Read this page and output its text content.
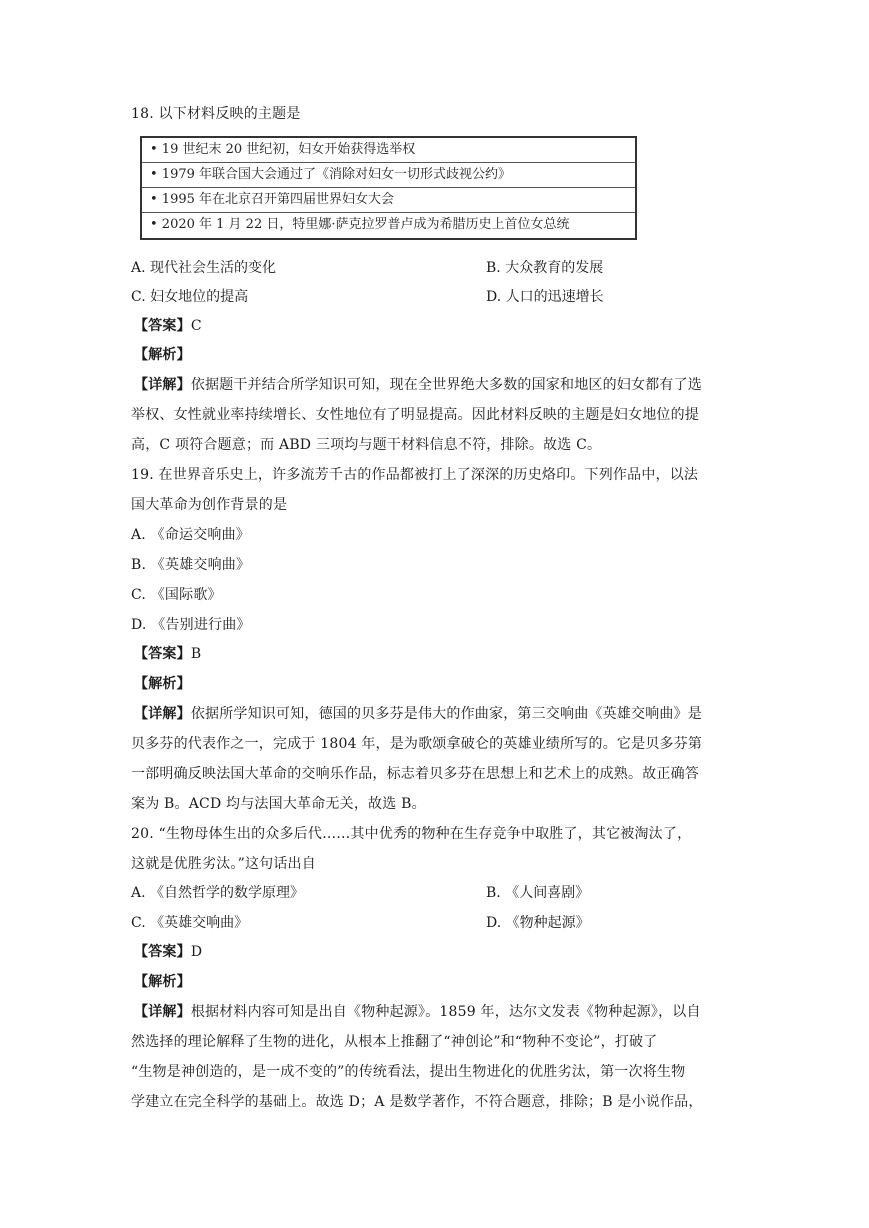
18. 以下材料反映的主题是
• 19 世纪末 20 世纪初，妇女开始获得选举权
• 1979 年联合国大会通过了《消除对妇女一切形式歧视公约》
• 1995 年在北京召开第四届世界妇女大会
• 2020 年 1 月 22 日，特里娜·萨克拉罗普卢成为希腊历史上首位女总统
A. 现代社会生活的变化	B. 大众教育的发展
C. 妇女地位的提高	D. 人口的迅速增长
【答案】C
【解析】
【详解】依据题干并结合所学知识可知，现在全世界绝大多数的国家和地区的妇女都有了选
举权、女性就业率持续增长、女性地位有了明显提高。因此材料反映的主题是妇女地位的提
高，C 项符合题意；而 ABD 三项均与题干材料信息不符，排除。故选 C。
19. 在世界音乐史上，许多流芳千古的作品都被打上了深深的历史烙印。下列作品中，以法
国大革命为创作背景的是
A. 《命运交响曲》
B. 《英雄交响曲》
C. 《国际歌》
D. 《告别进行曲》
【答案】B
【解析】
【详解】依据所学知识可知，德国的贝多芬是伟大的作曲家，第三交响曲《英雄交响曲》是
贝多芬的代表作之一，完成于 1804 年，是为歌颂拿破仑的英雄业绩所写的。它是贝多芬第
一部明确反映法国大革命的交响乐作品，标志着贝多芬在思想上和艺术上的成熟。故正确答
案为 B。ACD 均与法国大革命无关，故选 B。
20. “生物母体生出的众多后代……其中优秀的物种在生存竞争中取胜了，其它被淘汰了，
这就是优胜劣汰。”这句话出自
A. 《自然哲学的数学原理》	B. 《人间喜剧》
C. 《英雄交响曲》	D. 《物种起源》
【答案】D
【解析】
【详解】根据材料内容可知是出自《物种起源》。1859 年，达尔文发表《物种起源》，以自
然选择的理论解释了生物的进化，从根本上推翻了“神创论”和“物种不变论”，打破了
“生物是神创造的，是一成不变的”的传统看法，提出生物进化的优胜劣汰，第一次将生物
学建立在完全科学的基础上。故选 D；A 是数学著作，不符合题意，排除；B 是小说作品，
